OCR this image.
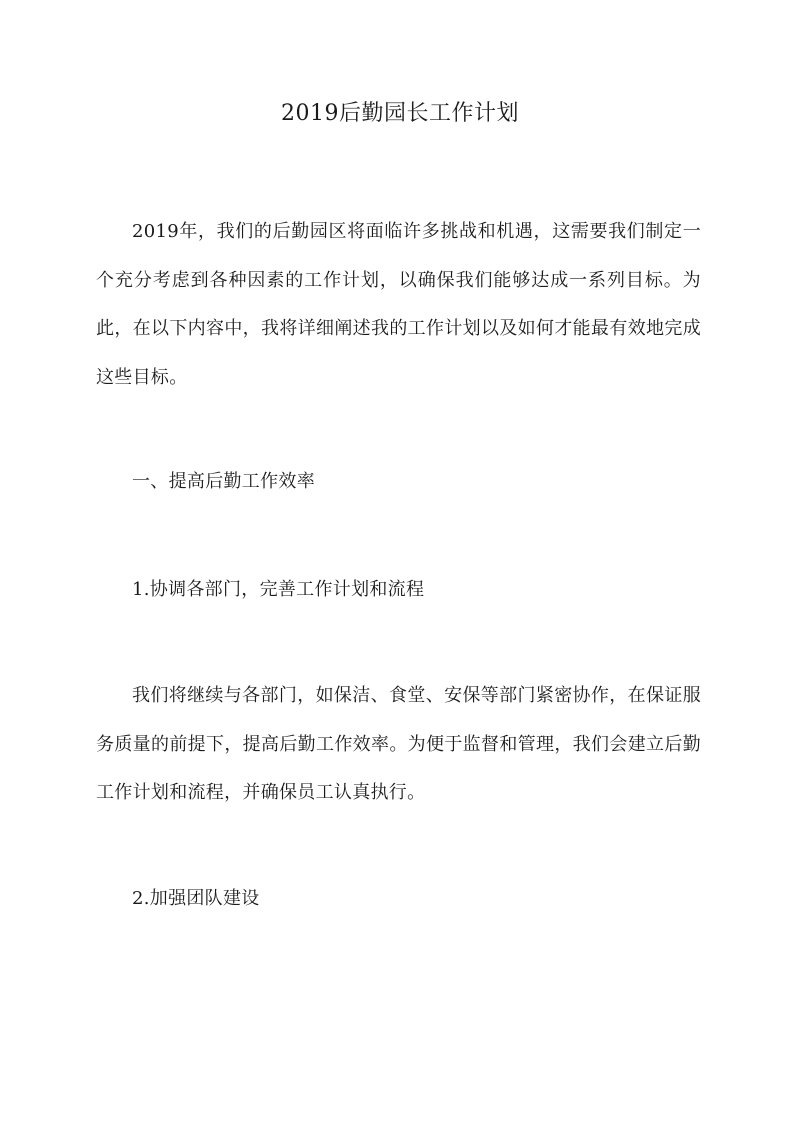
2019后勤园长工作计划

2019年，我们的后勤园区将面临许多挑战和机遇，这需要我们制定一个充分考虑到各种因素的工作计划，以确保我们能够达成一系列目标。为此，在以下内容中，我将详细阐述我的工作计划以及如何才能最有效地完成这些目标。

一、提高后勤工作效率

1.协调各部门，完善工作计划和流程

我们将继续与各部门，如保洁、食堂、安保等部门紧密协作，在保证服务质量的前提下，提高后勤工作效率。为便于监督和管理，我们会建立后勤工作计划和流程，并确保员工认真执行。

2.加强团队建设
